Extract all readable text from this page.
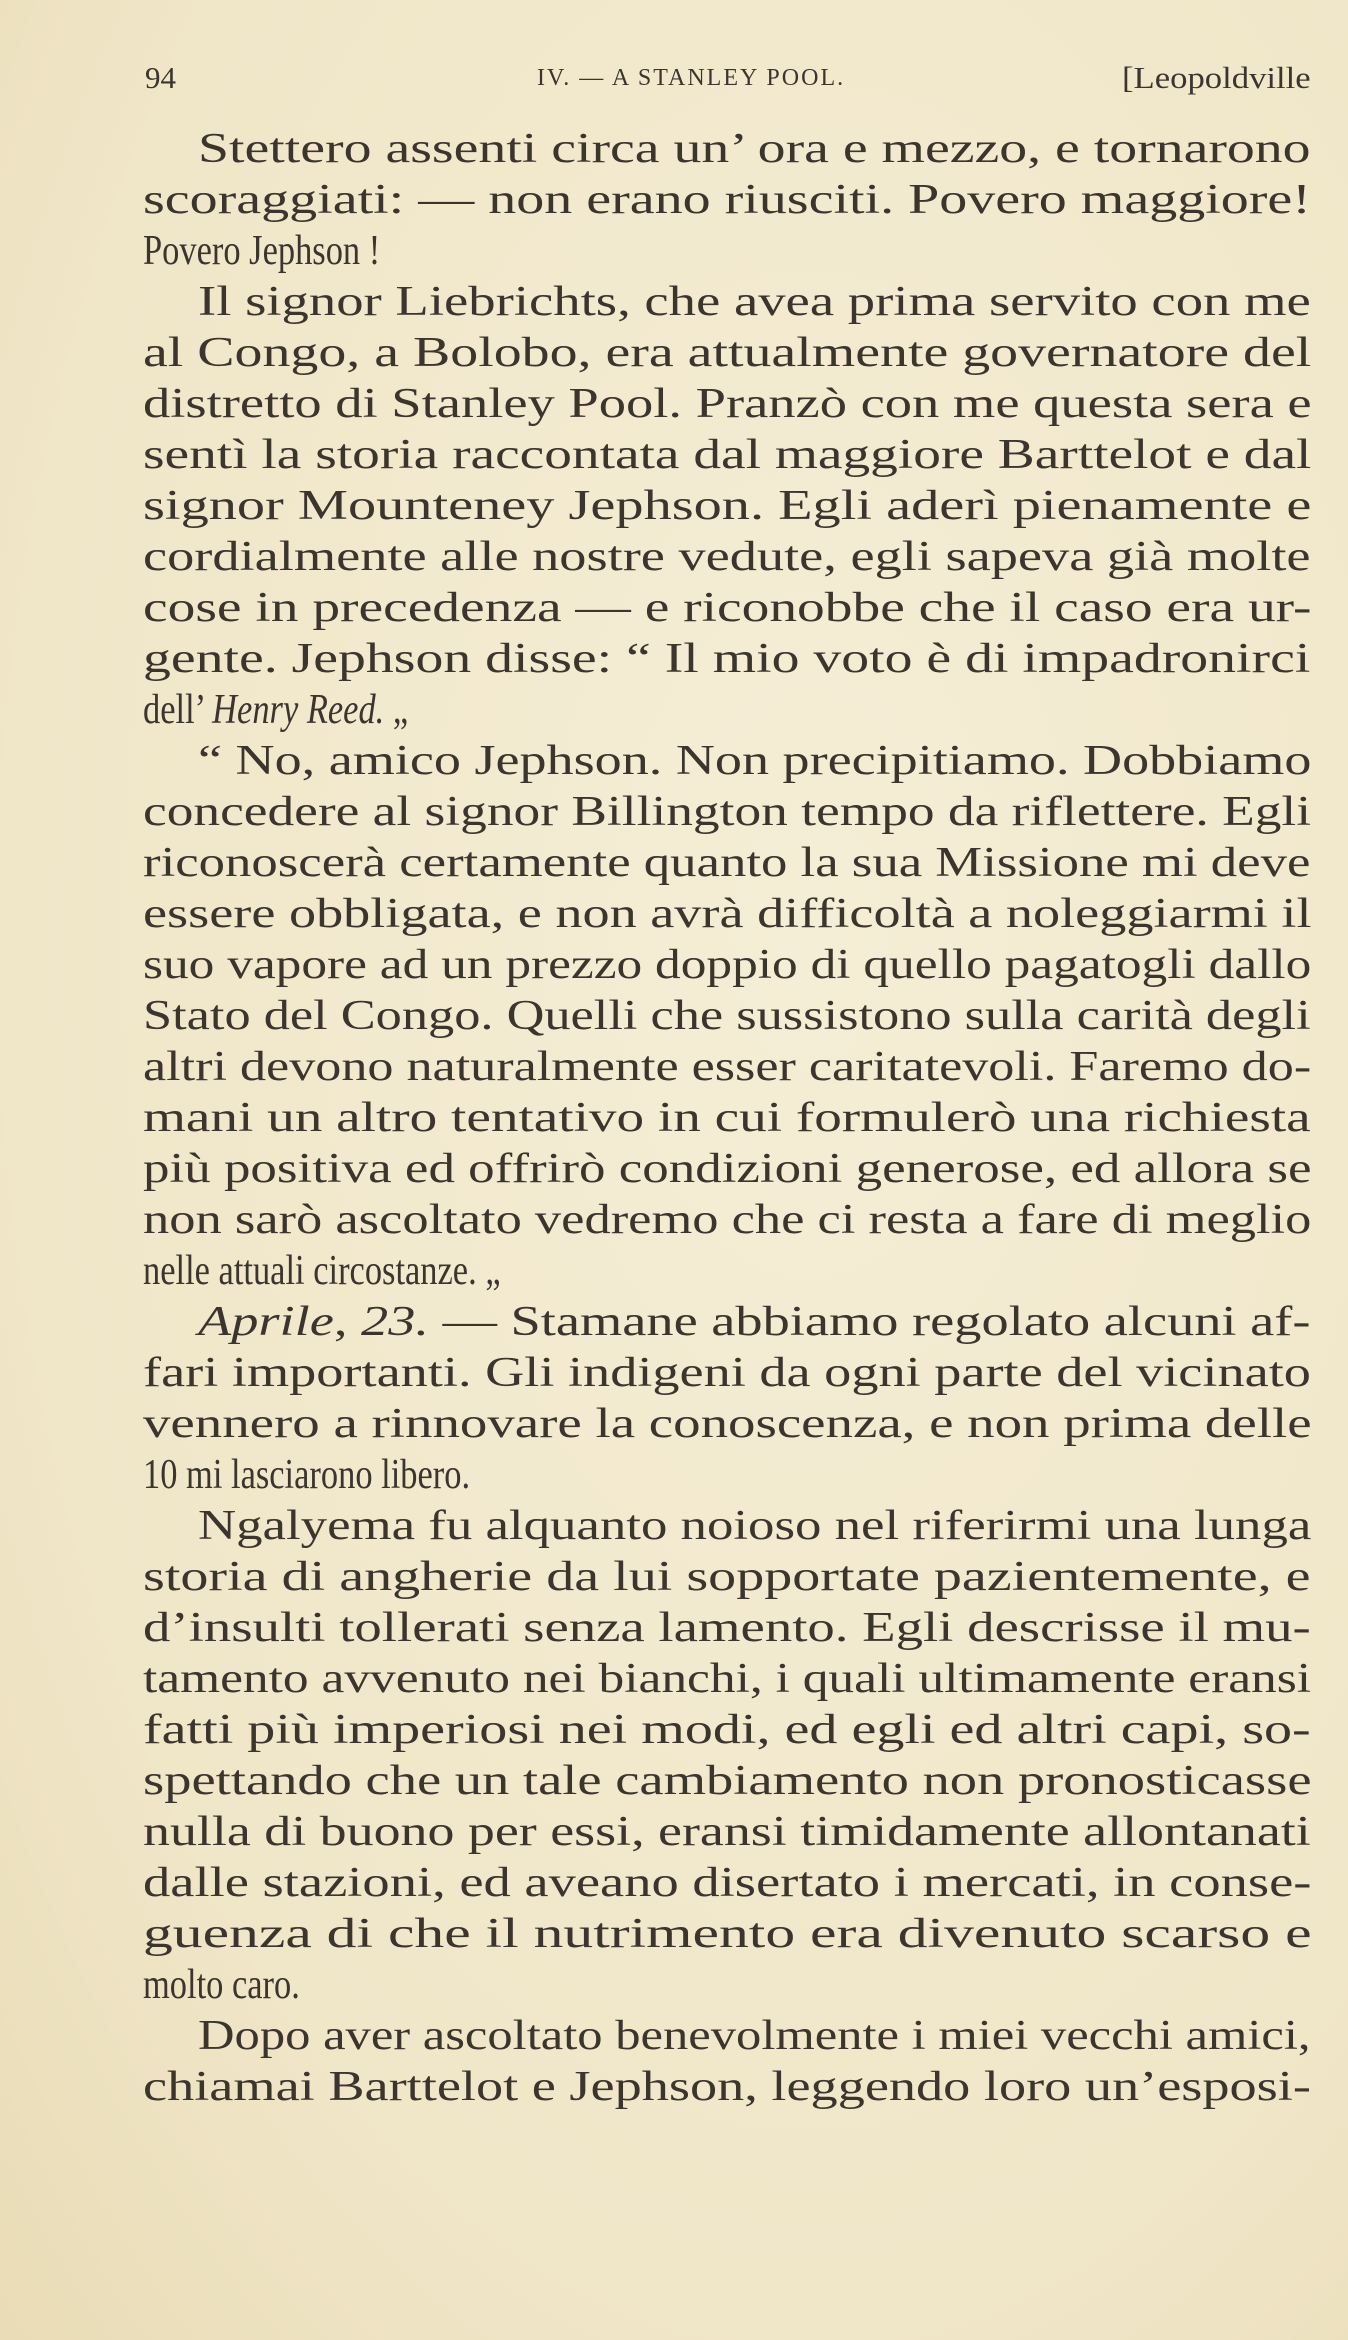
94	IV. — A STANLEY POOL.	[Leopoldville
Stettero assenti circa un’ ora e mezzo, e tornarono
scoraggiati: — non erano riusciti. Povero maggiore!
Povero Jephson !
Il signor Liebrichts, che avea prima servito con me
al Congo, a Bolobo, era attualmente governatore del
distretto di Stanley Pool. Pranzò con me questa sera e
sentì la storia raccontata dal maggiore Barttelot e dal
signor Mounteney Jephson. Egli aderì pienamente e
cordialmente alle nostre vedute, egli sapeva già molte
cose in precedenza — e riconobbe che il caso era ur-
gente. Jephson disse: “ Il mio voto è di impadronirci
dell’ Henry Reed. „
“ No, amico Jephson. Non precipitiamo. Dobbiamo
concedere al signor Billington tempo da riflettere. Egli
riconoscerà certamente quanto la sua Missione mi deve
essere obbligata, e non avrà difficoltà a noleggiarmi il
suo vapore ad un prezzo doppio di quello pagatogli dallo
Stato del Congo. Quelli che sussistono sulla carità degli
altri devono naturalmente esser caritatevoli. Faremo do-
mani un altro tentativo in cui formulerò una richiesta
più positiva ed offrirò condizioni generose, ed allora se
non sarò ascoltato vedremo che ci resta a fare di meglio
nelle attuali circostanze. „
Aprile, 23. — Stamane abbiamo regolato alcuni af-
fari importanti. Gli indigeni da ogni parte del vicinato
vennero a rinnovare la conoscenza, e non prima delle
10 mi lasciarono libero.
Ngalyema fu alquanto noioso nel riferirmi una lunga
storia di angherie da lui sopportate pazientemente, e
d’insulti tollerati senza lamento. Egli descrisse il mu-
tamento avvenuto nei bianchi, i quali ultimamente eransi
fatti più imperiosi nei modi, ed egli ed altri capi, so-
spettando che un tale cambiamento non pronosticasse
nulla di buono per essi, eransi timidamente allontanati
dalle stazioni, ed aveano disertato i mercati, in conse-
guenza di che il nutrimento era divenuto scarso e
molto caro.
Dopo aver ascoltato benevolmente i miei vecchi amici,
chiamai Barttelot e Jephson, leggendo loro un’esposi-
